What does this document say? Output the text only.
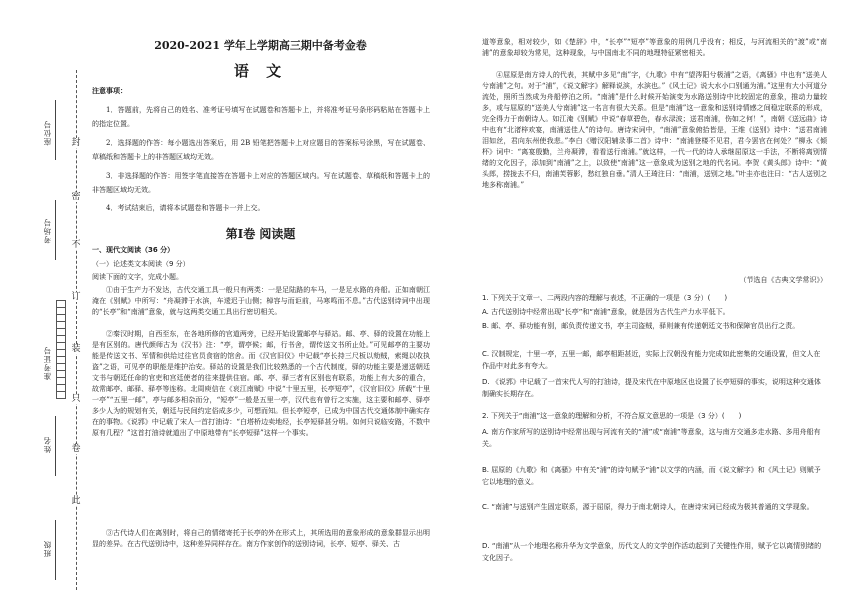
封
密
不
订
装
只
卷
此
座位号
考场号
准考证号
姓名
班级
2020-2021 学年上学期高三期中备考金卷
语 文
注意事项：

1．答题前，先将自己的姓名、准考证号填写在试题卷和答题卡上，并将准考证号条形码粘贴在答题卡上的指定位置。

2．选择题的作答：每小题选出答案后，用 2B 铅笔把答题卡上对应题目的答案标号涂黑，写在试题卷、草稿纸和答题卡上的非答题区域均无效。

3．非选择题的作答：用签字笔直接答在答题卡上对应的答题区域内。写在试题卷、草稿纸和答题卡上的非答题区域均无效。

4．考试结束后，请将本试题卷和答题卡一并上交。

第Ⅰ卷 阅读题
一、现代文阅读（36 分）
（一）论述类文本阅读（9 分）
阅读下面的文字，完成小题。

①由于生产力不发达，古代交通工具一般只有两类：一是足陆路的车马，一是足水路的舟船。正如南朝江淹在《别赋》中所写：“舟凝滞于水滨，车逶迟于山侧；棹容与而讵前，马寒鸣而不息。”古代送别诗词中出现的“长亭”和“南浦”意象，就与这两类交通工具出行密切相关。

②秦汉时期，自西至东，在各地所修的官道两旁，已经开始设置邮亭与驿站。邮、亭、驿的设置在功能上是有区别的。唐代颜师古为《汉书》注：“亭，谓亭候；邮，行书舍，谓传送文书所止处。”可见邮亭的主要功能是传送文书、军情和供给过往官员食宿的馆舍。而《汉官旧仪》中记载“亭长持三尺板以劾贼，索绳以收执盗”之语，可见亭的职能是维护治安。驿站的设置是我们比较熟悉的一个古代制度，驿的功能主要是递送朝廷文书与朝廷任命的官吏和宫廷使者的往来提供住宿。邮、亭、驿三者有区别也有联系，功能上有大多的重合，故常邮亭、邮驿、驿亭等连称。北周庾信在《哀江南赋》中说“十里五里，长亭短亭”，《汉官旧仪》所载“十里一亭”“五里一邮”，亭与邮多相杂而分，“短亭”一般是五里一亭，汉代也有曾行之实施，这主要和邮亭、驿亭多少人为的规划有关，朝廷与民间约定俗成多少，可想而知。但长亭短亭，已成为中国古代交通体制中确实存在的事物。《说郛》中记载了宋人一首打油诗：“白塔桥边卖地经，长亭短驿甚分明。如何只说临安路，不数中原有几程？”这首打油诗就道出了中原地带有“长亭短驿”这样一个事实。

③古代诗人们在离别时，将自己的情绪寄托于长亭的外在形式上，其所选用的意象形成的意象群显示出明显的差异。在古代送别诗中，这种差异同样存在。南方作家创作的送别诗词，长亭、短亭、驿关、古

道等意象，相对较少，如《楚辞》中，“长亭”“短亭”等意象的用例几乎没有；相反，与河流相关的“渡”或“南浦”的意象却较为常见，这种现象，与中国南北不同的地理特征紧密相关。

④屈原是南方诗人的代表，其赋中多见“南”字，《九歌》中有“望涔阳兮极浦”之语，《离骚》中也有“送美人兮南浦”之句。对于“浦”，《说文解字》解释说滨，水滨也。”《风土记》说大水小口别通为浦。”这里有大小河道分流处，照所当然成为舟船停泊之所。“南浦”是什么时候开始演变为水路送别诗中比较固定的意象，推动力量较多，或与屈原的“送美人兮南浦”这一名言有很大关系。但是“南浦”这一意象和送别诗情感之间稳定联系的形成，完全得力于南朝诗人。如江淹《别赋》中说“春草碧色，春水渌波；送君南浦，伤如之何！”，南朝《送远曲》诗中也有“北渚梓欢宴，南浦送佳人”的诗句。唐诗宋词中，“南浦”意象俯拾皆是，王维《送别》诗中：“送君南浦泪如丝，君向东州使我悲。”李白《赠汉阳辅录事二首》诗中：“南浦登楼不见君，君今罢官在何处？”柳永《倾杯》词中：“离宴殷勤，兰舟凝滞，看看送行南浦。”就这样，一代一代的诗人承继屈原这一手法，不断将离别情绪的文化因子，添加到“南浦”之上，以致使“南浦”这一意象成为送别之地的代名词。李贺《黄头郎》诗中：“黄头郎，捞拢去不归，南浦芙蓉影，愁红独自垂。”清人王琦注曰：“南浦，送别之地。”叶圭亦也注曰：“古人送别之地多称南浦。”

（节选自《古典文学常识》）

1. 下列关于文章一、二两段内容的理解与表述，不正确的一项是（3 分）(　　)

A. 古代送别诗中经常出现“长亭”和“南浦”意象，就是因为古代生产力水平低下。

B. 邮、亭、驿功能有别，邮负责传递文书，亭主司盗贼，驿则兼有传递朝廷文书和保障官员出行之责。

C. 汉制规定，十里一亭，五里一邮，邮亭相距甚近，实际上汉朝没有能力完成如此密集的交通设置，但文人在作品中对此多有夸大。

D. 《说郛》中记载了一首宋代人写的打油诗，提及宋代在中原地区也设置了长亭短驿的事实，说明这种交通体制确实长期存在。

2. 下列关于“南浦”这一意象的理解和分析，不符合原文意思的一项是（3 分）(　　)

A. 南方作家所写的送别诗中经常出现与河流有关的“浦”或“南浦”等意象，这与南方交通多走水路、多用舟船有关。

B. 屈原的《九歌》和《离骚》中有关“浦”的诗句赋予“浦”以文学的内涵，而《说文解字》和《风土记》则赋予它以地理的意义。

C. “南浦”与送别产生固定联系，源于屈原，得力于南北朝诗人，在唐诗宋词已经成为极其普通的文学现象。

D. “南浦”从一个地理名称升华为文学意象，历代文人的文学创作活动起到了关键性作用，赋予它以离情别绪的文化因子。
